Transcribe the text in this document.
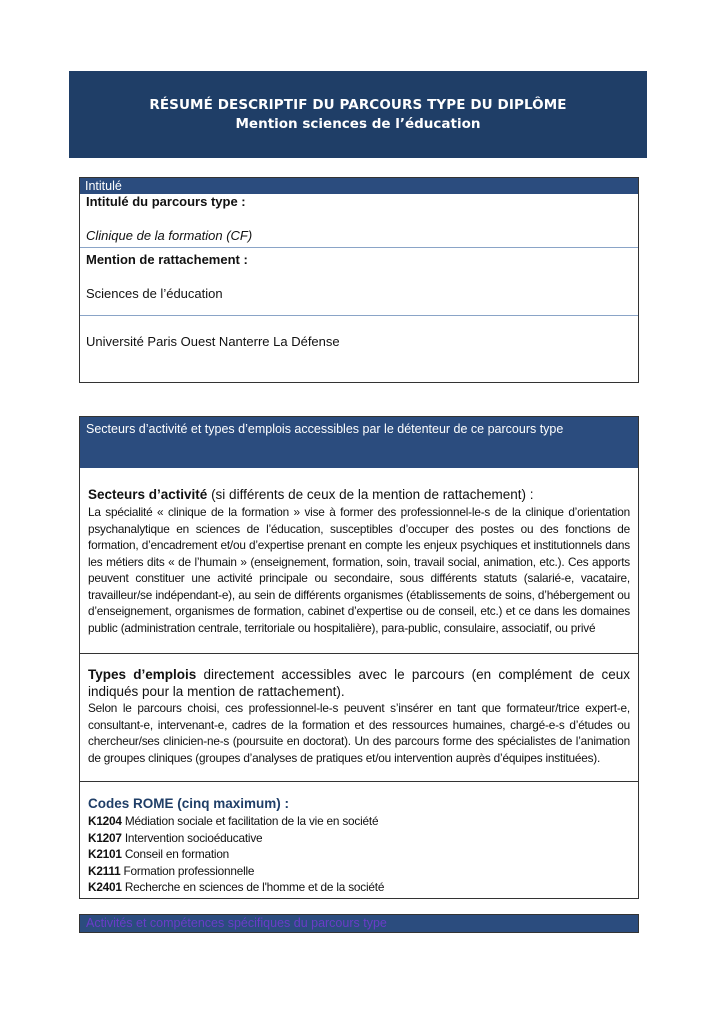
RÉSUMÉ DESCRIPTIF DU PARCOURS TYPE DU DIPLÔME
Mention sciences de l’éducation
Intitulé
Intitulé du parcours type :
Clinique de la formation (CF)
Mention de rattachement :
Sciences de l’éducation
Université Paris Ouest Nanterre La Défense
Secteurs d’activité et types d’emplois accessibles par le détenteur de ce parcours type
Secteurs d’activité (si différents de ceux de la mention de rattachement) :
La spécialité « clinique de la formation » vise à former des professionnel-le-s de la clinique d’orientation psychanalytique en sciences de l’éducation, susceptibles d’occuper des postes ou des fonctions de formation, d’encadrement et/ou d’expertise prenant en compte les enjeux psychiques et institutionnels dans les métiers dits « de l’humain » (enseignement, formation, soin, travail social, animation, etc.). Ces apports peuvent constituer une activité principale ou secondaire, sous différents statuts (salarié-e, vacataire, travailleur/se indépendant-e), au sein de différents organismes (établissements de soins, d’hébergement ou d’enseignement, organismes de formation, cabinet d’expertise ou de conseil, etc.) et ce dans les domaines public (administration centrale, territoriale ou hospitalière), para-public, consulaire, associatif, ou privé
Types d’emplois directement accessibles avec le parcours (en complément de ceux indiqués pour la mention de rattachement).
Selon le parcours choisi, ces professionnel-le-s peuvent s’insérer en tant que formateur/trice expert-e, consultant-e, intervenant-e, cadres de la formation et des ressources humaines, chargé-e-s d’études ou chercheur/ses clinicien-ne-s (poursuite en doctorat). Un des parcours forme des spécialistes de l’animation de groupes cliniques (groupes d’analyses de pratiques et/ou intervention auprès d’équipes instituées).
Codes ROME (cinq maximum) :
K1204 Médiation sociale et facilitation de la vie en société
K1207 Intervention socioéducative
K2101 Conseil en formation
K2111 Formation professionnelle
K2401 Recherche en sciences de l'homme et de la société
Activités et compétences spécifiques du parcours type
